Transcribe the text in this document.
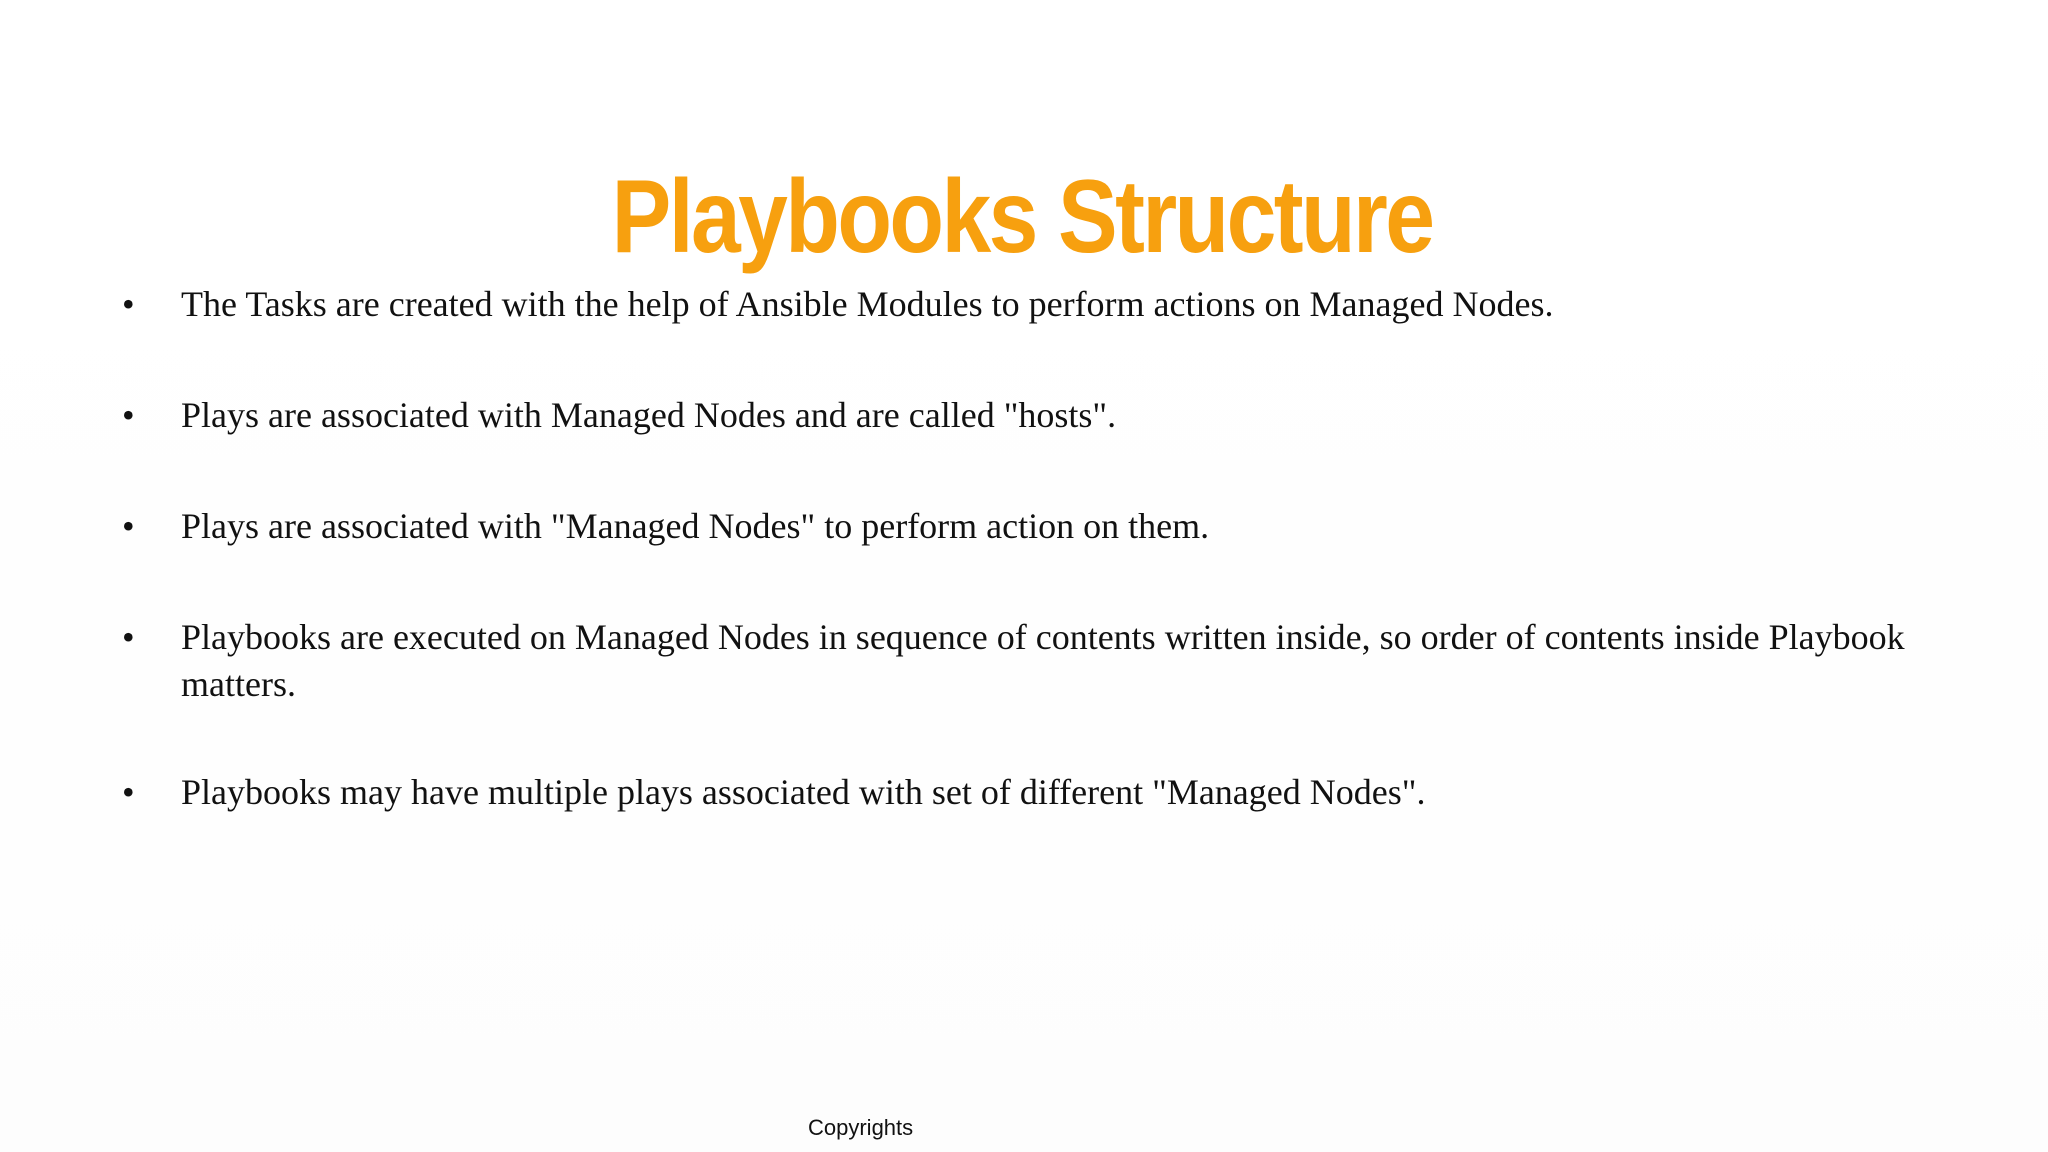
Playbooks Structure
• The Tasks are created with the help of Ansible Modules to perform actions on Managed Nodes.
• Plays are associated with Managed Nodes and are called "hosts".
• Plays are associated with "Managed Nodes" to perform action on them.
• Playbooks are executed on Managed Nodes in sequence of contents written inside, so order of contents inside Playbook matters.
• Playbooks may have multiple plays associated with set of different "Managed Nodes".
Copyrights
